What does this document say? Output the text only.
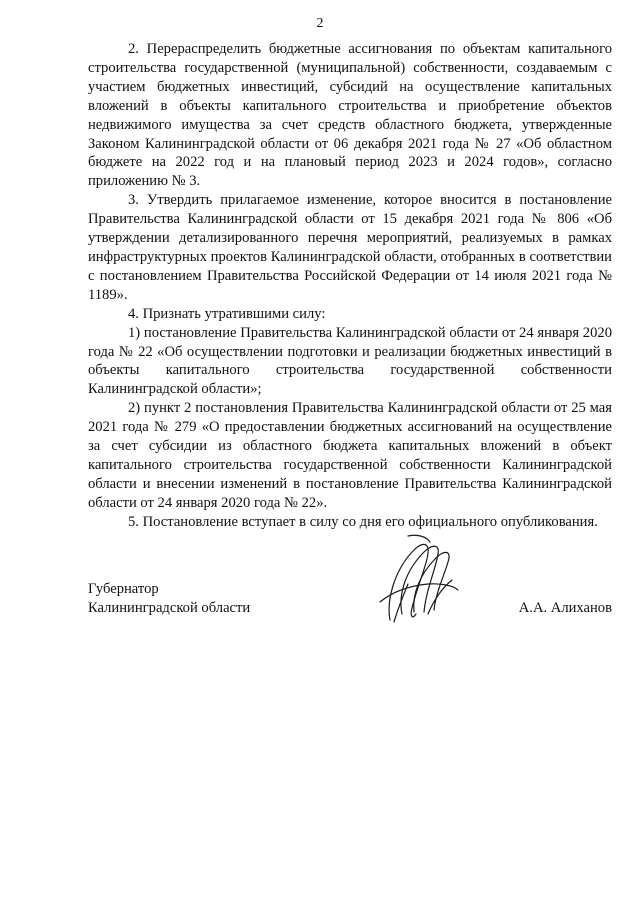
2

2. Перераспределить бюджетные ассигнования по объектам капитального строительства государственной (муниципальной) собственности, создаваемым с участием бюджетных инвестиций, субсидий на осуществление капитальных вложений в объекты капитального строительства и приобретение объектов недвижимого имущества за счет средств областного бюджета, утвержденные Законом Калининградской области от 06 декабря 2021 года № 27 «Об областном бюджете на 2022 год и на плановый период 2023 и 2024 годов», согласно приложению № 3.

3. Утвердить прилагаемое изменение, которое вносится в постановление Правительства Калининградской области от 15 декабря 2021 года № 806 «Об утверждении детализированного перечня мероприятий, реализуемых в рамках инфраструктурных проектов Калининградской области, отобранных в соответствии с постановлением Правительства Российской Федерации от 14 июля 2021 года № 1189».

4. Признать утратившими силу:

1) постановление Правительства Калининградской области от 24 января 2020 года № 22 «Об осуществлении подготовки и реализации бюджетных инвестиций в объекты капитального строительства государственной собственности Калининградской области»;

2) пункт 2 постановления Правительства Калининградской области от 25 мая 2021 года № 279 «О предоставлении бюджетных ассигнований на осуществление за счет субсидии из областного бюджета капитальных вложений в объект капитального строительства государственной собственности Калининградской области и внесении изменений в постановление Правительства Калининградской области от 24 января 2020 года № 22».

5. Постановление вступает в силу со дня его официального опубликования.

Губернатор
Калининградской области	А.А. Алиханов
